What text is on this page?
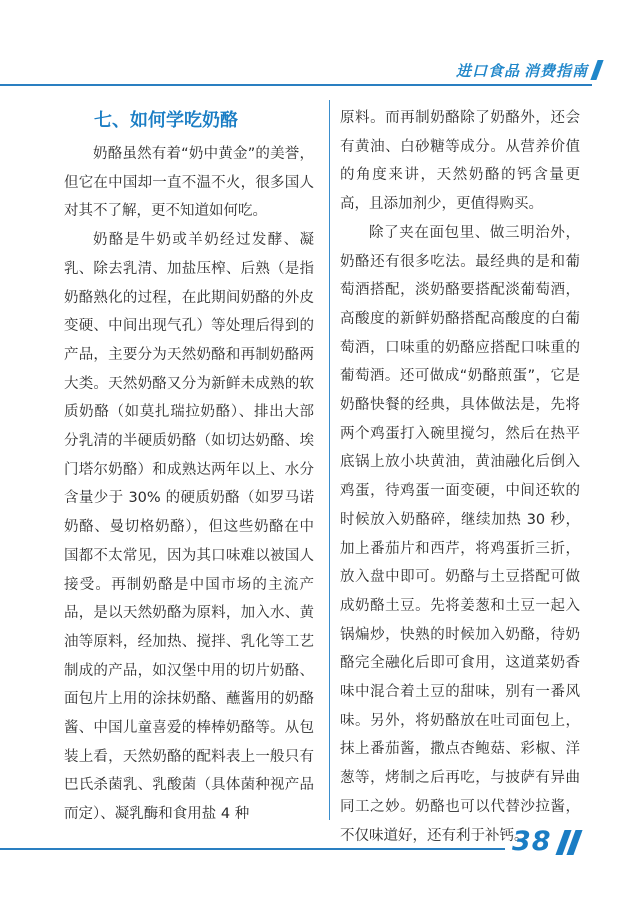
进口食品 消费指南
七、如何学吃奶酪

奶酪虽然有着“奶中黄金”的美誉，但它在中国却一直不温不火，很多国人对其不了解，更不知道如何吃。

奶酪是牛奶或羊奶经过发酵、凝乳、除去乳清、加盐压榨、后熟（是指奶酪熟化的过程，在此期间奶酪的外皮变硬、中间出现气孔）等处理后得到的产品，主要分为天然奶酪和再制奶酪两大类。天然奶酪又分为新鲜未成熟的软质奶酪（如莫扎瑞拉奶酪）、排出大部分乳清的半硬质奶酪（如切达奶酪、埃门塔尔奶酪）和成熟达两年以上、水分含量少于 30% 的硬质奶酪（如罗马诺奶酪、曼切格奶酪），但这些奶酪在中国都不太常见，因为其口味难以被国人接受。再制奶酪是中国市场的主流产品，是以天然奶酪为原料，加入水、黄油等原料，经加热、搅拌、乳化等工艺制成的产品，如汉堡中用的切片奶酪、面包片上用的涂抹奶酪、蘸酱用的奶酪酱、中国儿童喜爱的棒棒奶酪等。从包装上看，天然奶酪的配料表上一般只有巴氏杀菌乳、乳酸菌（具体菌种视产品而定）、凝乳酶和食用盐 4 种

原料。而再制奶酪除了奶酪外，还会有黄油、白砂糖等成分。从营养价值的角度来讲，天然奶酪的钙含量更高，且添加剂少，更值得购买。

除了夹在面包里、做三明治外，奶酪还有很多吃法。最经典的是和葡萄酒搭配，淡奶酪要搭配淡葡萄酒，高酸度的新鲜奶酪搭配高酸度的白葡萄酒，口味重的奶酪应搭配口味重的葡萄酒。还可做成“奶酪煎蛋”，它是奶酪快餐的经典，具体做法是，先将两个鸡蛋打入碗里搅匀，然后在热平底锅上放小块黄油，黄油融化后倒入鸡蛋，待鸡蛋一面变硬，中间还软的时候放入奶酪碎，继续加热 30 秒，加上番茄片和西芹，将鸡蛋折三折，放入盘中即可。奶酪与土豆搭配可做成奶酪土豆。先将姜葱和土豆一起入锅煸炒，快熟的时候加入奶酪，待奶酪完全融化后即可食用，这道菜奶香味中混合着土豆的甜味，别有一番风味。另外，将奶酪放在吐司面包上，抹上番茄酱，撒点杏鲍菇、彩椒、洋葱等，烤制之后再吃，与披萨有异曲同工之妙。奶酪也可以代替沙拉酱，不仅味道好，还有利于补钙。

38
